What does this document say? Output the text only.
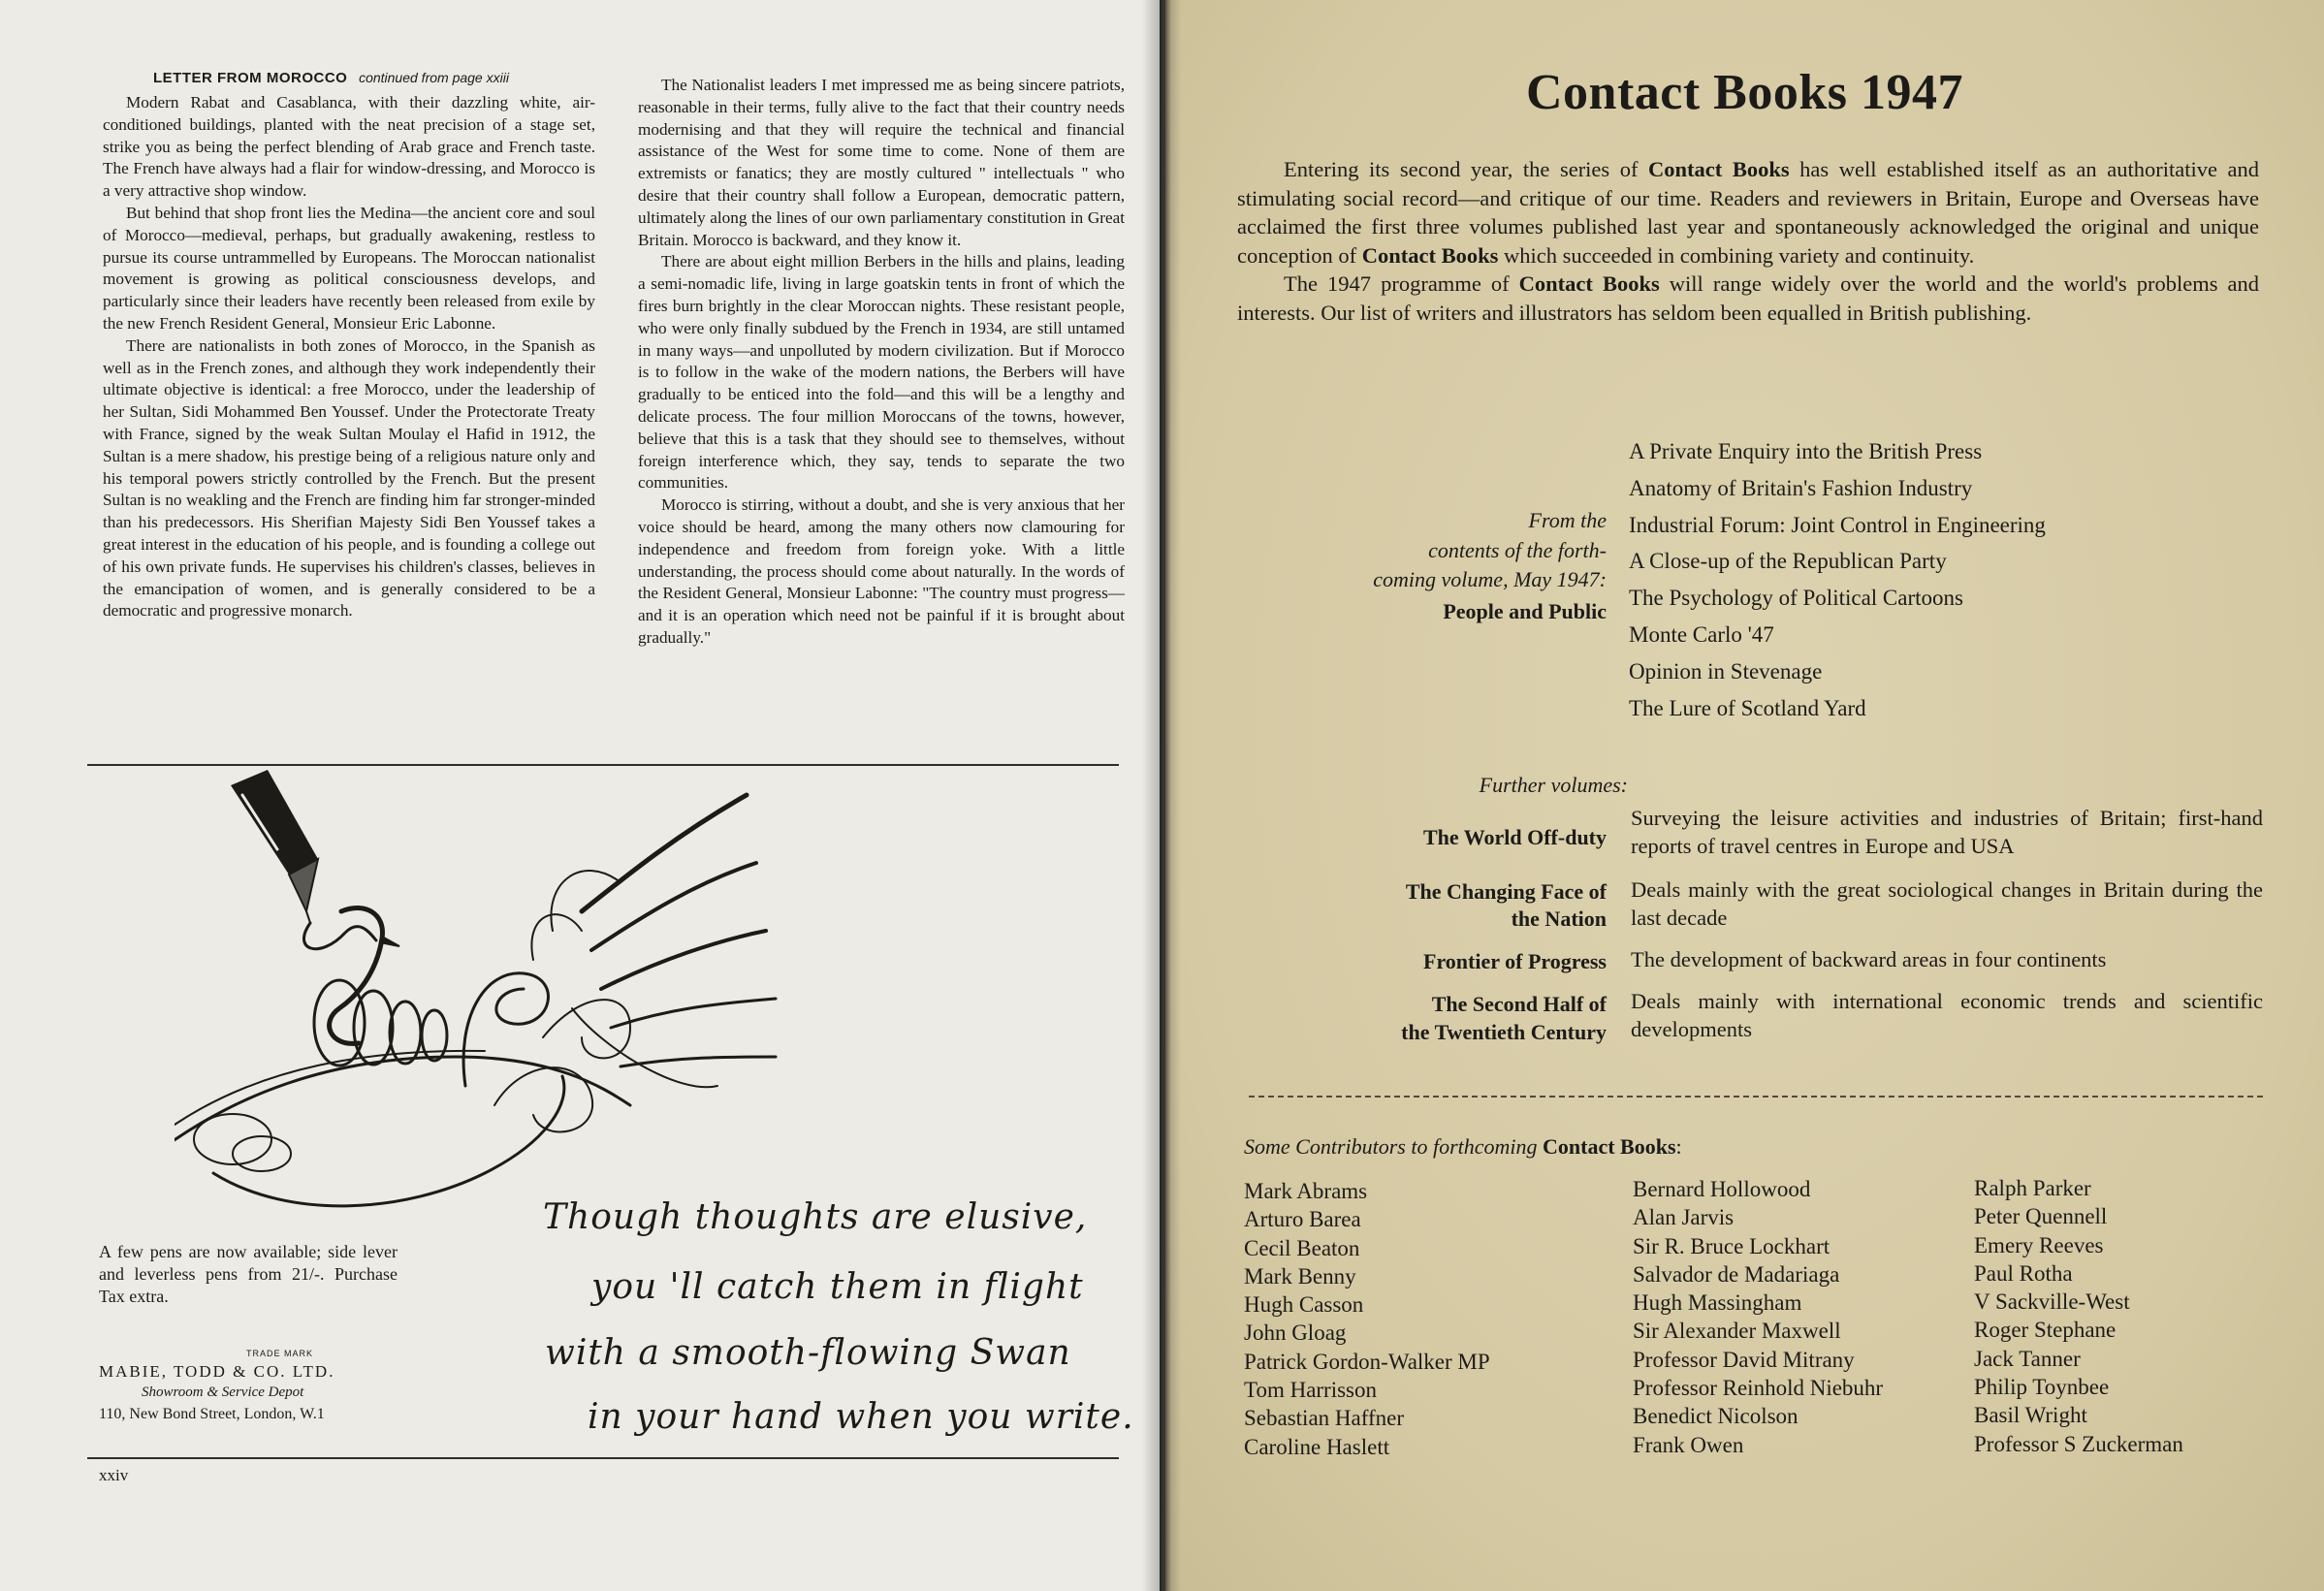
LETTER FROM MOROCCO continued from page xxiii

Modern Rabat and Casablanca, with their dazzling white, air-conditioned buildings, planted with the neat precision of a stage set, strike you as being the perfect blending of Arab grace and French taste. The French have always had a flair for window-dressing, and Morocco is a very attractive shop window.

But behind that shop front lies the Medina—the ancient core and soul of Morocco—medieval, perhaps, but gradually awakening, restless to pursue its course untrammelled by Europeans. The Moroccan nationalist movement is growing as political consciousness develops, and particularly since their leaders have recently been released from exile by the new French Resident General, Monsieur Eric Labonne.

There are nationalists in both zones of Morocco, in the Spanish as well as in the French zones, and although they work independently their ultimate objective is identical: a free Morocco, under the leadership of her Sultan, Sidi Mohammed Ben Youssef. Under the Protectorate Treaty with France, signed by the weak Sultan Moulay el Hafid in 1912, the Sultan is a mere shadow, his prestige being of a religious nature only and his temporal powers strictly controlled by the French. But the present Sultan is no weakling and the French are finding him far stronger-minded than his predecessors. His Sherifian Majesty Sidi Ben Youssef takes a great interest in the education of his people, and is founding a college out of his own private funds. He supervises his children's classes, believes in the emancipation of women, and is generally considered to be a democratic and progressive monarch.

The Nationalist leaders I met impressed me as being sincere patriots, reasonable in their terms, fully alive to the fact that their country needs modernising and that they will require the technical and financial assistance of the West for some time to come. None of them are extremists or fanatics; they are mostly cultured " intellectuals " who desire that their country shall follow a European, democratic pattern, ultimately along the lines of our own parliamentary constitution in Great Britain. Morocco is backward, and they know it.

There are about eight million Berbers in the hills and plains, leading a semi-nomadic life, living in large goatskin tents in front of which the fires burn brightly in the clear Moroccan nights. These resistant people, who were only finally subdued by the French in 1934, are still untamed in many ways—and unpolluted by modern civilization. But if Morocco is to follow in the wake of the modern nations, the Berbers will have gradually to be enticed into the fold—and this will be a lengthy and delicate process. The four million Moroccans of the towns, however, believe that this is a task that they should see to themselves, without foreign interference which, they say, tends to separate the two communities.

Morocco is stirring, without a doubt, and she is very anxious that her voice should be heard, among the many others now clamouring for independence and freedom from foreign yoke. With a little understanding, the process should come about naturally. In the words of the Resident General, Monsieur Labonne: "The country must progress—and it is an operation which need not be painful if it is brought about gradually."

A few pens are now available; side lever and leverless pens from 21/-. Purchase Tax extra.
TRADE MARK
MABIE, TODD & CO. LTD.
Showroom & Service Depot
110, New Bond Street, London, W.1
Though thoughts are elusive,
you 'll catch them in flight
with a smooth-flowing Swan
in your hand when you write.
xxiv
Contact Books 1947

Entering its second year, the series of Contact Books has well established itself as an authoritative and stimulating social record—and critique of our time. Readers and reviewers in Britain, Europe and Overseas have acclaimed the first three volumes published last year and spontaneously acknowledged the original and unique conception of Contact Books which succeeded in combining variety and continuity.

The 1947 programme of Contact Books will range widely over the world and the world's problems and interests. Our list of writers and illustrators has seldom been equalled in British publishing.

From the
contents of the forth-
coming volume, May 1947:
People and Public
A Private Enquiry into the British Press
Anatomy of Britain's Fashion Industry
Industrial Forum: Joint Control in Engineering
A Close-up of the Republican Party
The Psychology of Political Cartoons
Monte Carlo '47
Opinion in Stevenage
The Lure of Scotland Yard
Further volumes:
The World Off-duty
Surveying the leisure activities and industries of Britain; first-hand reports of travel centres in Europe and USA
The Changing Face of
the Nation
Deals mainly with the great sociological changes in Britain during the last decade
Frontier of Progress The development of backward areas in four continents
The Second Half of
the Twentieth Century
Deals mainly with international economic trends and scientific developments
Some Contributors to forthcoming Contact Books:
Mark Abrams
Arturo Barea
Cecil Beaton
Mark Benny
Hugh Casson
John Gloag
Patrick Gordon-Walker MP
Tom Harrisson
Sebastian Haffner
Caroline Haslett
Bernard Hollowood
Alan Jarvis
Sir R. Bruce Lockhart
Salvador de Madariaga
Hugh Massingham
Sir Alexander Maxwell
Professor David Mitrany
Professor Reinhold Niebuhr
Benedict Nicolson
Frank Owen
Ralph Parker
Peter Quennell
Emery Reeves
Paul Rotha
V Sackville-West
Roger Stephane
Jack Tanner
Philip Toynbee
Basil Wright
Professor S Zuckerman
